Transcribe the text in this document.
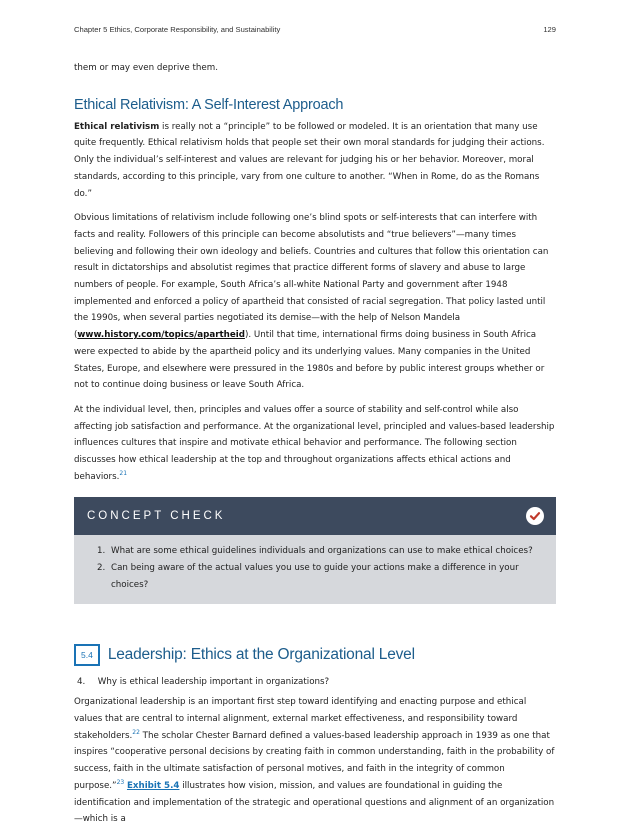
Chapter 5 Ethics, Corporate Responsibility, and Sustainability	129

them or may even deprive them.

Ethical Relativism: A Self-Interest Approach

Ethical relativism is really not a “principle” to be followed or modeled. It is an orientation that many use quite frequently. Ethical relativism holds that people set their own moral standards for judging their actions. Only the individual’s self-interest and values are relevant for judging his or her behavior. Moreover, moral standards, according to this principle, vary from one culture to another. “When in Rome, do as the Romans do.”

Obvious limitations of relativism include following one’s blind spots or self-interests that can interfere with facts and reality. Followers of this principle can become absolutists and “true believers”—many times believing and following their own ideology and beliefs. Countries and cultures that follow this orientation can result in dictatorships and absolutist regimes that practice different forms of slavery and abuse to large numbers of people. For example, South Africa’s all-white National Party and government after 1948 implemented and enforced a policy of apartheid that consisted of racial segregation. That policy lasted until the 1990s, when several parties negotiated its demise—with the help of Nelson Mandela (www.history.com/topics/apartheid). Until that time, international firms doing business in South Africa were expected to abide by the apartheid policy and its underlying values. Many companies in the United States, Europe, and elsewhere were pressured in the 1980s and before by public interest groups whether or not to continue doing business or leave South Africa.

At the individual level, then, principles and values offer a source of stability and self-control while also affecting job satisfaction and performance. At the organizational level, principled and values-based leadership influences cultures that inspire and motivate ethical behavior and performance. The following section discusses how ethical leadership at the top and throughout organizations affects ethical actions and behaviors.$^{21}$

CONCEPT CHECK
1. What are some ethical guidelines individuals and organizations can use to make ethical choices?
2. Can being aware of the actual values you use to guide your actions make a difference in your choices?
5.4 Leadership: Ethics at the Organizational Level
4. Why is ethical leadership important in organizations?

Organizational leadership is an important first step toward identifying and enacting purpose and ethical values that are central to internal alignment, external market effectiveness, and responsibility toward stakeholders.$^{22}$ The scholar Chester Barnard defined a values-based leadership approach in 1939 as one that inspires “cooperative personal decisions by creating faith in common understanding, faith in the probability of success, faith in the ultimate satisfaction of personal motives, and faith in the integrity of common purpose.”$^{23}$ Exhibit 5.4 illustrates how vision, mission, and values are foundational in guiding the identification and implementation of the strategic and operational questions and alignment of an organization—which is a
